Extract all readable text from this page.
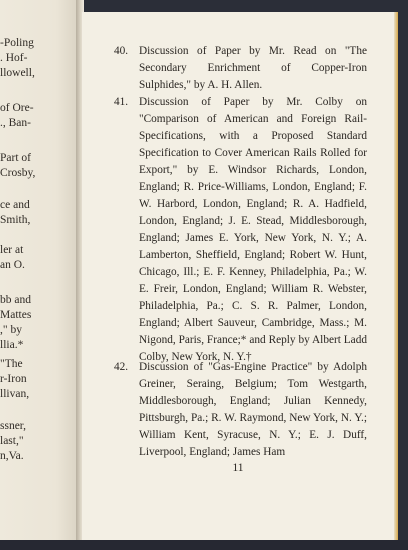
-Poling
. Hof-
llowell,
of Ore-
., Ban-
Part of
Crosby,
ce and
Smith,
ler at
an O.
bb and
Mattes
," by
llia.*
"The
r-Iron
llivan,
ssner,
last,"
n,Va.
40. Discussion of Paper by Mr. Read on "The Secondary Enrichment of Copper-Iron Sulphides," by A. H. Allen.
41. Discussion of Paper by Mr. Colby on "Comparison of American and Foreign Rail-Specifications, with a Proposed Standard Specification to Cover American Rails Rolled for Export," by E. Windsor Richards, London, England; R. Price-Williams, London, England; F. W. Harbord, London, England; R. A. Hadfield, London, England; J. E. Stead, Middlesborough, England; James E. York, New York, N. Y.; A. Lamberton, Sheffield, England; Robert W. Hunt, Chicago, Ill.; E. F. Kenney, Philadelphia, Pa.; W. E. Freir, London, England; William R. Webster, Philadelphia, Pa.; C. S. R. Palmer, London, England; Albert Sauveur, Cambridge, Mass.; M. Nigond, Paris, France;* and Reply by Albert Ladd Colby, New York, N. Y.†
42. Discussion of "Gas-Engine Practice" by Adolph Greiner, Seraing, Belgium; Tom Westgarth, Middlesborough, England; Julian Kennedy, Pittsburgh, Pa.; R. W. Raymond, New York, N. Y.; William Kent, Syracuse, N. Y.; E. J. Duff, Liverpool, England; James Ham
11
